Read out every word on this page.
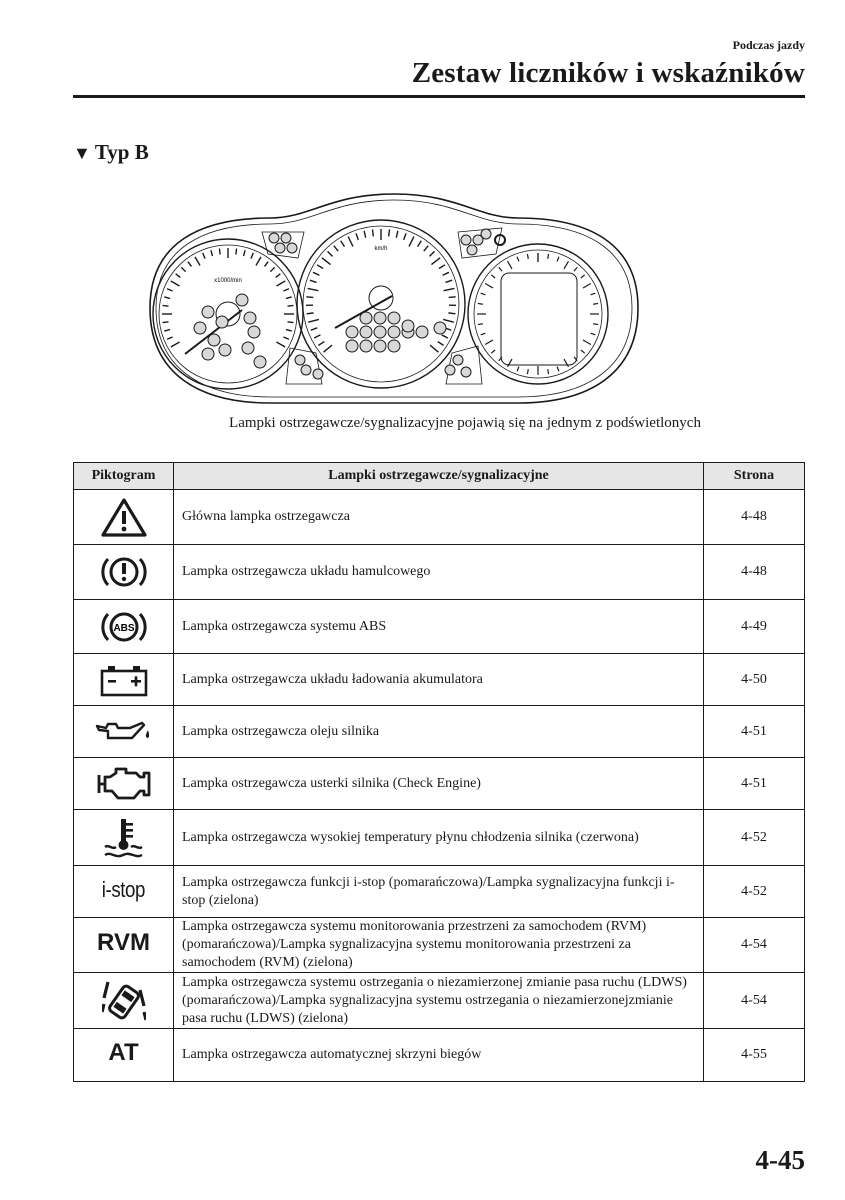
Podczas jazdy
Zestaw liczników i wskaźników
▼ Typ B
x1000/min
km/h
Lampki ostrzegawcze/sygnalizacyjne pojawią się na jednym z podświetlonych
Piktogram	Lampki ostrzegawcze/sygnalizacyjne	Strona

	Główna lampka ostrzegawcza	4-48

	Lampka ostrzegawcza układu hamulcowego	4-48

ABS	Lampka ostrzegawcza systemu ABS	4-49

	Lampka ostrzegawcza układu ładowania akumulatora	4-50

	Lampka ostrzegawcza oleju silnika	4-51

	Lampka ostrzegawcza usterki silnika (Check Engine)	4-51

	Lampka ostrzegawcza wysokiej temperatury płynu chłodzenia silnika (czerwona)	4-52
i-stop	Lampka ostrzegawcza funkcji i-stop (pomarańczowa)/Lampka sygnalizacyjna funkcji i-stop (zielona)	4-52
RVM	Lampka ostrzegawcza systemu monitorowania przestrzeni za samochodem (RVM) (pomarańczowa)/Lampka sygnalizacyjna systemu monitorowania przestrzeni za samochodem (RVM) (zielona)	4-54

	Lampka ostrzegawcza systemu ostrzegania o niezamierzonej zmianie pasa ruchu (LDWS) (pomarańczowa)/Lampka sygnalizacyjna systemu ostrzegania o niezamierzonejzmianie pasa ruchu (LDWS) (zielona)	4-54
AT	Lampka ostrzegawcza automatycznej skrzyni biegów	4-55
4-45
